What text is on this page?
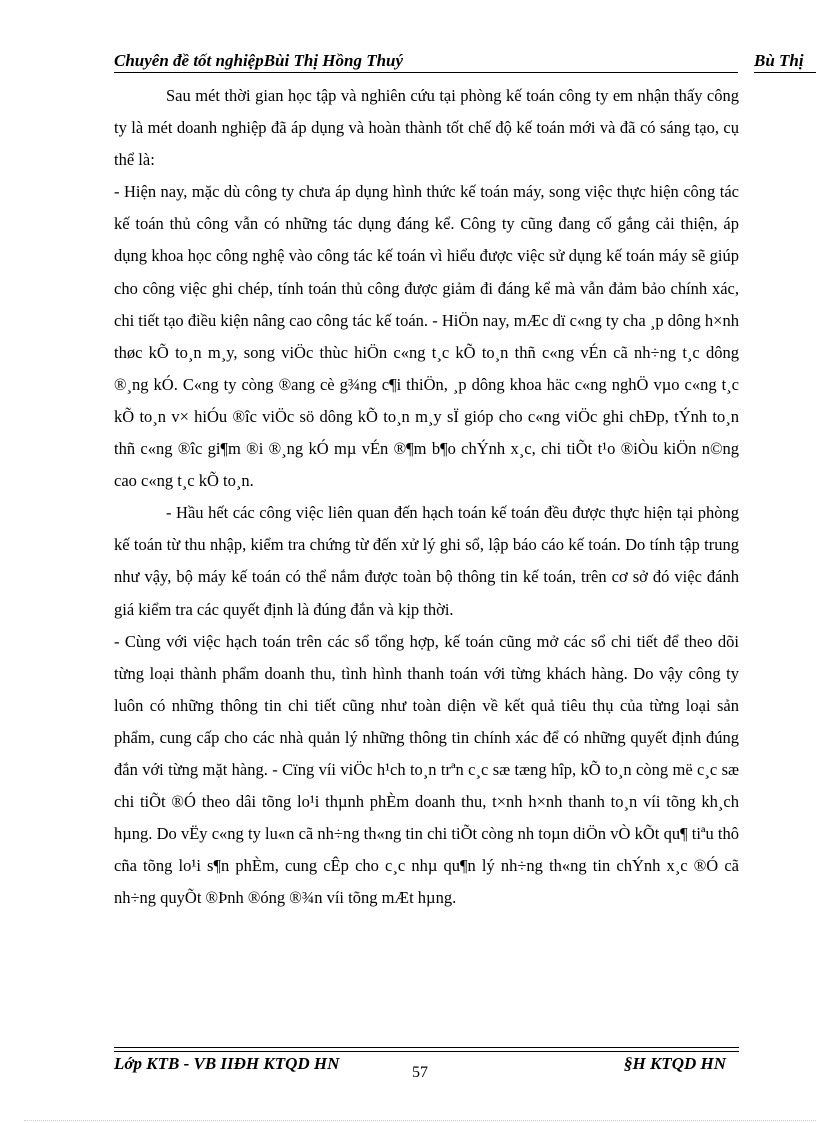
Chuyên đề tốt nghiệpBùi Thị Hồng Thuý	Bù Thị

Sau mét thời gian học tập và nghiên cứu tại phòng kế toán công ty em nhận thấy công ty là mét doanh nghiệp đã áp dụng và hoàn thành tốt chế độ kế toán mới và đã có sáng tạo, cụ thể là:

- Hiện nay, mặc dù công ty chưa áp dụng hình thức kế toán máy, song việc thực hiện công tác kế toán thủ công vẫn có những tác dụng đáng kể. Công ty cũng đang cố gắng cải thiện, áp dụng khoa học công nghệ vào công tác kế toán vì hiểu được việc sử dụng kế toán máy sẽ giúp cho công việc ghi chép, tính toán thủ công được giảm đi đáng kể mà vẫn đảm bảo chính xác, chi tiết tạo điều kiện nâng cao công tác kế toán. - HiÖn nay, mÆc dï c«ng ty cha ¸p dông h×nh thøc kÕ to¸n m¸y, song viÖc thùc hiÖn c«ng t¸c kÕ to¸n thñ c«ng vÉn cã nh÷ng t¸c dông ®¸ng kÓ. C«ng ty còng ®ang cè g¾ng c¶i thiÖn, ¸p dông khoa häc c«ng nghÖ vµo c«ng t¸c kÕ to¸n v× hiÓu ®îc viÖc sö dông kÕ to¸n m¸y sÏ gióp cho c«ng viÖc ghi chÐp, tÝnh to¸n thñ c«ng ®îc gi¶m ®i ®¸ng kÓ mµ vÉn ®¶m b¶o chÝnh x¸c, chi tiÕt t¹o ®iÒu kiÖn n©ng cao c«ng t¸c kÕ to¸n.

- Hầu hết các công việc liên quan đến hạch toán kế toán đều được thực hiện tại phòng kế toán từ thu nhập, kiểm tra chứng từ đến xử lý ghi sổ, lập báo cáo kế toán. Do tính tập trung như vậy, bộ máy kế toán có thể nắm được toàn bộ thông tin kế toán, trên cơ sở đó việc đánh giá kiểm tra các quyết định là đúng đắn và kịp thời.

- Cùng với việc hạch toán trên các sổ tổng hợp, kế toán cũng mở các sổ chi tiết để theo dõi từng loại thành phẩm doanh thu, tình hình thanh toán với từng khách hàng. Do vậy công ty luôn có những thông tin chi tiết cũng như toàn diện về kết quả tiêu thụ của từng loại sản phẩm, cung cấp cho các nhà quản lý những thông tin chính xác để có những quyết định đúng đắn với từng mặt hàng. - Cïng víi viÖc h¹ch to¸n trªn c¸c sæ tæng hîp, kÕ to¸n còng më c¸c sæ chi tiÕt ®Ó theo dâi tõng lo¹i thµnh phÈm doanh thu, t×nh h×nh thanh to¸n víi tõng kh¸ch hµng. Do vËy c«ng ty lu«n cã nh÷ng th«ng tin chi tiÕt còng nh toµn diÖn vÒ kÕt qu¶ tiªu thô cña tõng lo¹i s¶n phÈm, cung cÊp cho c¸c nhµ qu¶n lý nh÷ng th«ng tin chÝnh x¸c ®Ó cã nh÷ng quyÕt ®Þnh ®óng ®¾n víi tõng mÆt hµng.

Lớp KTB - VB IIĐH KTQD HN	§H KTQD HN
57
